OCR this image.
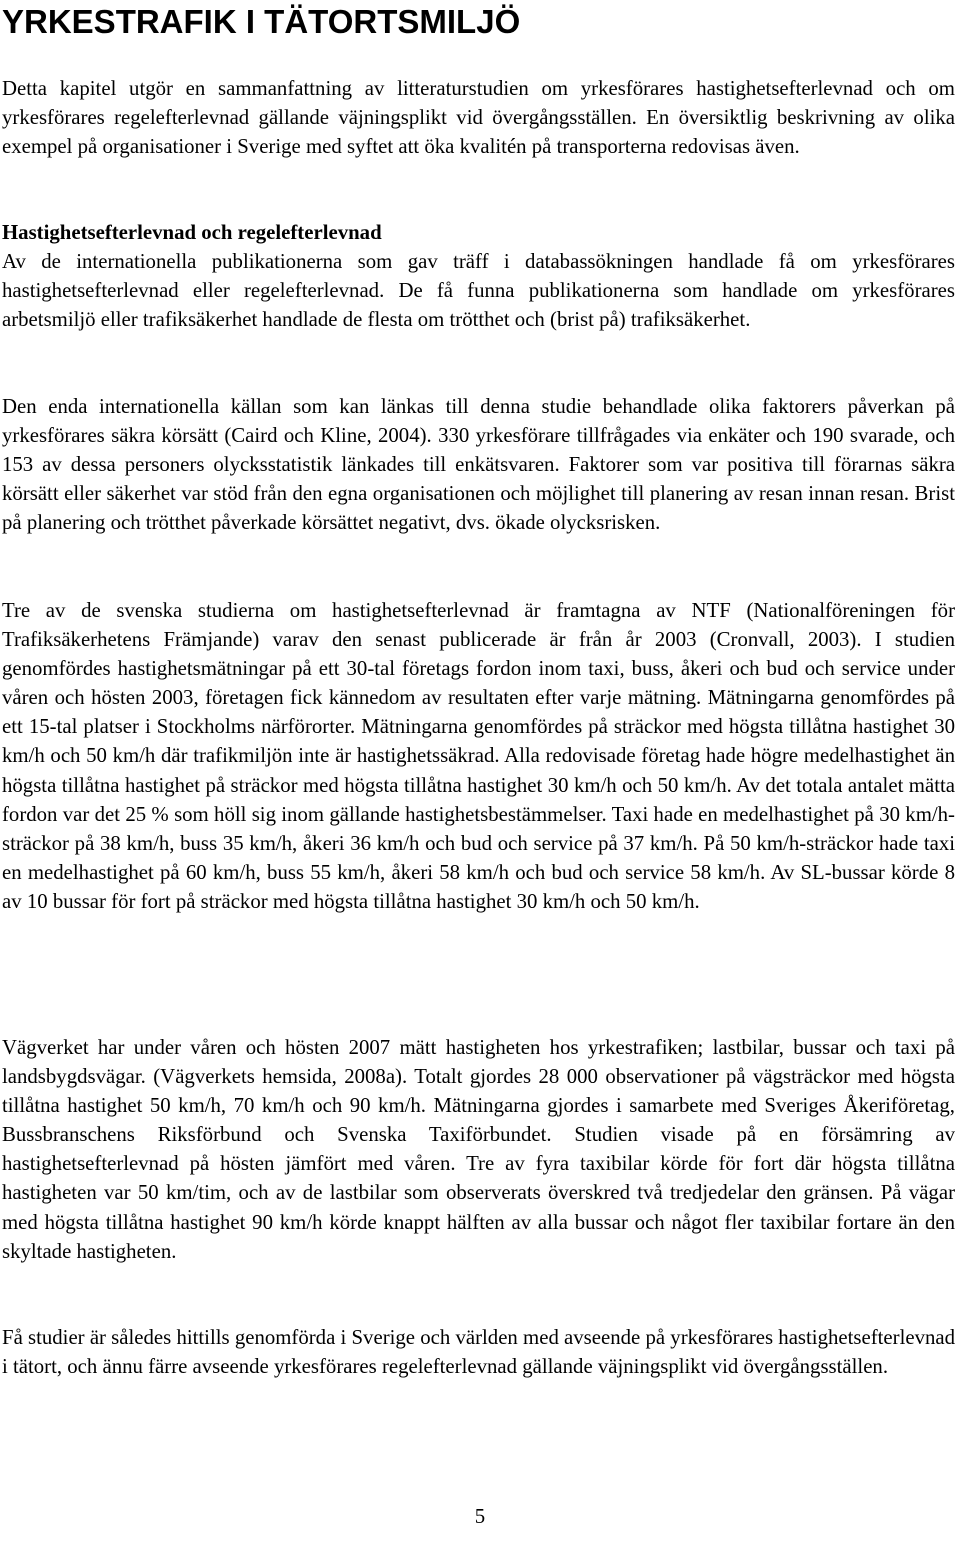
YRKESTRAFIK I TÄTORTSMILJÖ

Detta kapitel utgör en sammanfattning av litteraturstudien om yrkesförares hastighetsefterlevnad och om yrkesförares regelefterlevnad gällande väjningsplikt vid övergångsställen. En översiktlig beskrivning av olika exempel på organisationer i Sverige med syftet att öka kvalitén på transporterna redovisas även.

Hastighetsefterlevnad och regelefterlevnad
Av de internationella publikationerna som gav träff i databassökningen handlade få om yrkesförares hastighetsefterlevnad eller regelefterlevnad. De få funna publikationerna som handlade om yrkesförares arbetsmiljö eller trafiksäkerhet handlade de flesta om trötthet och (brist på) trafiksäkerhet.

Den enda internationella källan som kan länkas till denna studie behandlade olika faktorers påverkan på yrkesförares säkra körsätt (Caird och Kline, 2004). 330 yrkesförare tillfrågades via enkäter och 190 svarade, och 153 av dessa personers olycksstatistik länkades till enkätsvaren. Faktorer som var positiva till förarnas säkra körsätt eller säkerhet var stöd från den egna organisationen och möjlighet till planering av resan innan resan. Brist på planering och trötthet påverkade körsättet negativt, dvs. ökade olycksrisken.

Tre av de svenska studierna om hastighetsefterlevnad är framtagna av NTF (Nationalföreningen för Trafiksäkerhetens Främjande) varav den senast publicerade är från år 2003 (Cronvall, 2003). I studien genomfördes hastighetsmätningar på ett 30-tal företags fordon inom taxi, buss, åkeri och bud och service under våren och hösten 2003, företagen fick kännedom av resultaten efter varje mätning. Mätningarna genomfördes på ett 15-tal platser i Stockholms närförorter. Mätningarna genomfördes på sträckor med högsta tillåtna hastighet 30 km/h och 50 km/h där trafikmiljön inte är hastighetssäkrad. Alla redovisade företag hade högre medelhastighet än högsta tillåtna hastighet på sträckor med högsta tillåtna hastighet 30 km/h och 50 km/h. Av det totala antalet mätta fordon var det 25 % som höll sig inom gällande hastighetsbestämmelser. Taxi hade en medelhastighet på 30 km/h-sträckor på 38 km/h, buss 35 km/h, åkeri 36 km/h och bud och service på 37 km/h. På 50 km/h-sträckor hade taxi en medelhastighet på 60 km/h, buss 55 km/h, åkeri 58 km/h och bud och service 58 km/h. Av SL-bussar körde 8 av 10 bussar för fort på sträckor med högsta tillåtna hastighet 30 km/h och 50 km/h.

Vägverket har under våren och hösten 2007 mätt hastigheten hos yrkestrafiken; lastbilar, bussar och taxi på landsbygdsvägar. (Vägverkets hemsida, 2008a). Totalt gjordes 28 000 observationer på vägsträckor med högsta tillåtna hastighet 50 km/h, 70 km/h och 90 km/h. Mätningarna gjordes i samarbete med Sveriges Åkeriföretag, Bussbranschens Riksförbund och Svenska Taxiförbundet. Studien visade på en försämring av hastighetsefterlevnad på hösten jämfört med våren. Tre av fyra taxibilar körde för fort där högsta tillåtna hastigheten var 50 km/tim, och av de lastbilar som observerats överskred två tredjedelar den gränsen. På vägar med högsta tillåtna hastighet 90 km/h körde knappt hälften av alla bussar och något fler taxibilar fortare än den skyltade hastigheten.

Få studier är således hittills genomförda i Sverige och världen med avseende på yrkesförares hastighetsefterlevnad i tätort, och ännu färre avseende yrkesförares regelefterlevnad gällande väjningsplikt vid övergångsställen.

5
